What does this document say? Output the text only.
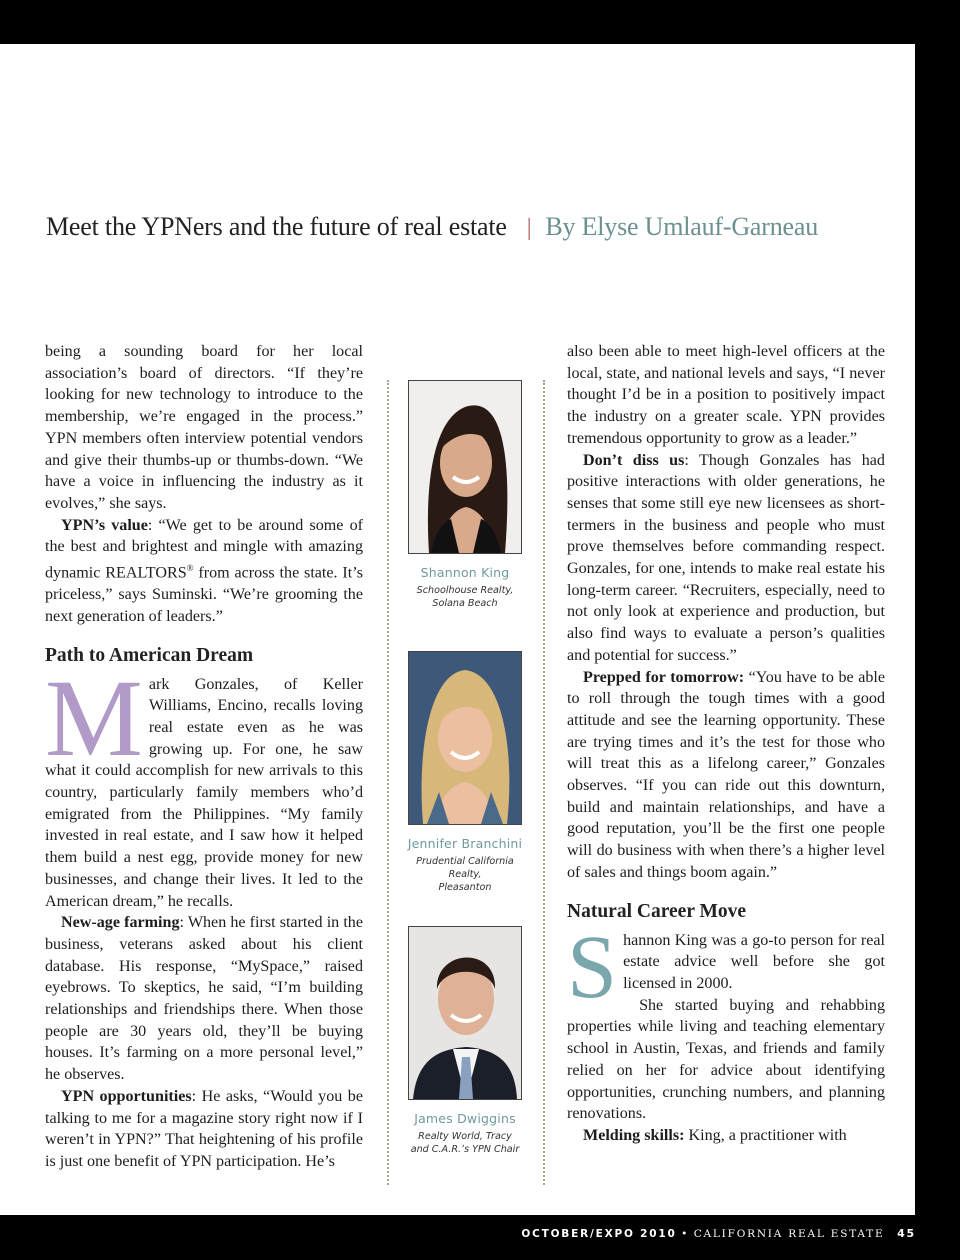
Meet the YPNers and the future of real estate | By Elyse Umlauf-Garneau

being a sounding board for her local association’s board of directors. “If they’re looking for new technology to introduce to the membership, we’re engaged in the process.” YPN members often interview potential vendors and give their thumbs-up or thumbs-down. “We have a voice in influencing the industry as it evolves,” she says.

YPN’s value: “We get to be around some of the best and brightest and mingle with amazing dynamic REALTORS® from across the state. It’s priceless,” says Suminski. “We’re grooming the next generation of leaders.”

Path to American Dream

Mark Gonzales, of Keller Williams, Encino, recalls loving real estate even as he was growing up. For one, he saw what it could accomplish for new arrivals to this country, particularly family members who’d emigrated from the Philippines. “My family invested in real estate, and I saw how it helped them build a nest egg, provide money for new businesses, and change their lives. It led to the American dream,” he recalls.

New-age farming: When he first started in the business, veterans asked about his client database. His response, “MySpace,” raised eyebrows. To skeptics, he said, “I’m building relationships and friendships there. When those people are 30 years old, they’ll be buying houses. It’s farming on a more personal level,” he observes.

YPN opportunities: He asks, “Would you be talking to me for a magazine story right now if I weren’t in YPN?” That heightening of his profile is just one benefit of YPN participation. He’s

Shannon King
Schoolhouse Realty,
Solana Beach
Jennifer Branchini
Prudential California Realty,
Pleasanton
James Dwiggins
Realty World, Tracy
and C.A.R.’s YPN Chair

also been able to meet high-level officers at the local, state, and national levels and says, “I never thought I’d be in a position to positively impact the industry on a greater scale. YPN provides tremendous opportunity to grow as a leader.”

Don’t diss us: Though Gonzales has had positive interactions with older generations, he senses that some still eye new licensees as short-termers in the business and people who must prove themselves before commanding respect. Gonzales, for one, intends to make real estate his long-term career. “Recruiters, especially, need to not only look at experience and production, but also find ways to evaluate a person’s qualities and potential for success.”

Prepped for tomorrow: “You have to be able to roll through the tough times with a good attitude and see the learning opportunity. These are trying times and it’s the test for those who will treat this as a lifelong career,” Gonzales observes. “If you can ride out this downturn, build and maintain relationships, and have a good reputation, you’ll be the first one people will do business with when there’s a higher level of sales and things boom again.”

Natural Career Move

Shannon King was a go-to person for real estate advice well before she got licensed in 2000.

She started buying and rehabbing properties while living and teaching elementary school in Austin, Texas, and friends and family relied on her for advice about identifying opportunities, crunching numbers, and planning renovations.

Melding skills: King, a practitioner with

OCTOBER/EXPO 2010 • CALIFORNIA REAL ESTATE 45
